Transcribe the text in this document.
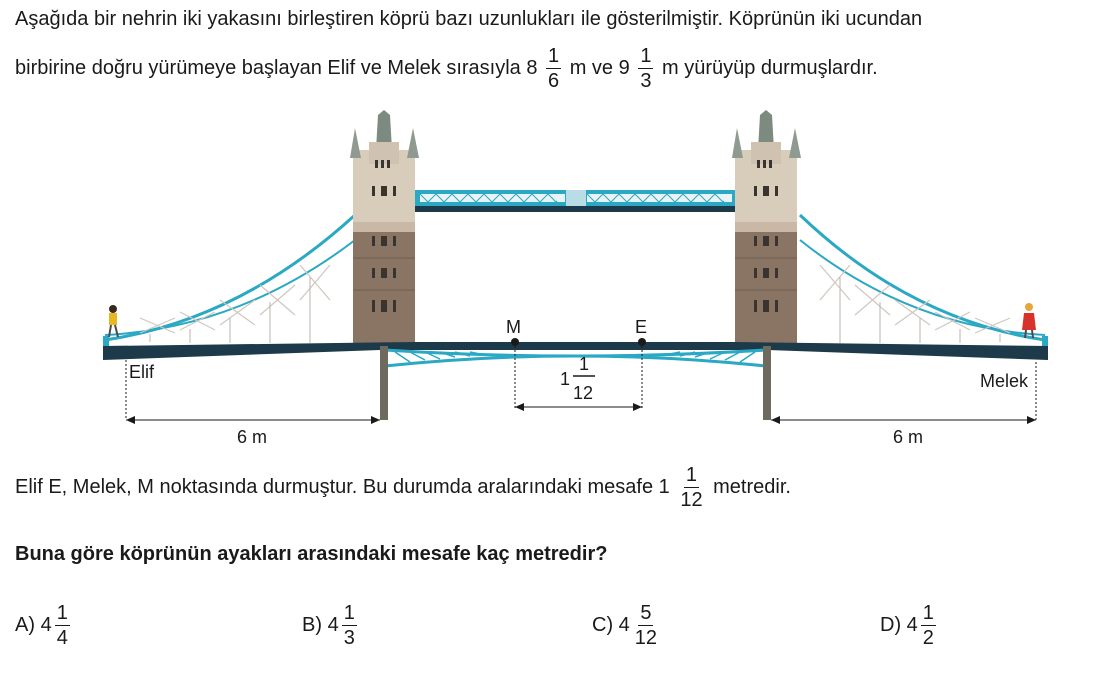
Aşağıda bir nehrin iki yakasını birleştiren köprü bazı uzunlukları ile gösterilmiştir. Köprünün iki ucundan
birbirine doğru yürümeye başlayan Elif ve Melek sırasıyla $8 \frac{1}{6}$ m ve $9 \frac{1}{3}$ m yürüyüp durmuşlardır.
M	E
Elif	Melek
6 m	6 m
1
1
12
Elif E, Melek, M noktasında durmuştur. Bu durumda aralarındaki mesafe $1 \frac{1}{12}$ metredir.
Buna göre köprünün ayakları arasındaki mesafe kaç metredir?
A) $4 \frac{1}{4}$	B) $4 \frac{1}{3}$	C) $4 \frac{5}{12}$	D) $4 \frac{1}{2}$
